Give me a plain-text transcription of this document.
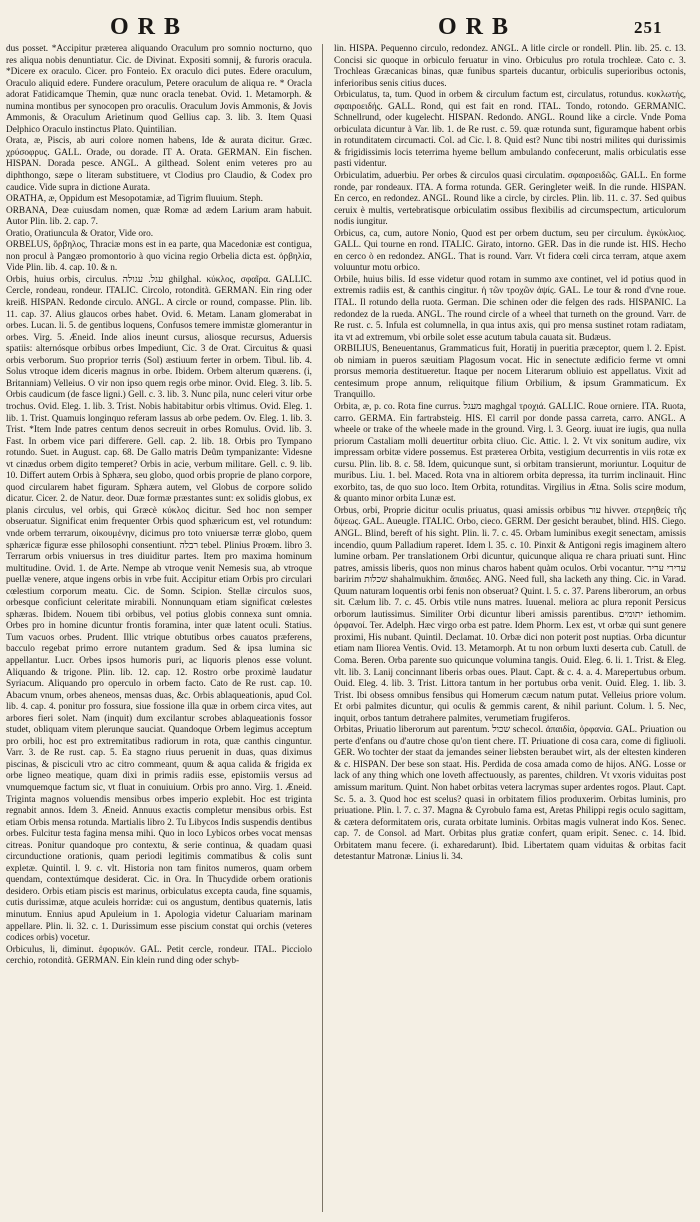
ORB	ORB	251

dus posset. *Accipitur præterea aliquando Oraculum pro somnio nocturno, quo res aliqua nobis denuntiatur. Cic. de Divinat. Expositi somnij, & furoris oracula. *Dicere ex oraculo. Cicer. pro Fonteio. Ex oraculo dici putes. Edere oraculum, Oraculo aliquid edere. Fundere oraculum, Petere oraculum de aliqua re. * Oracla adorat Fatidicamque Themin, quæ nunc oracla tenebat. Ovid. 1. Metamorph. & numina montibus per synocopen pro oraculis. Oraculum Jovis Ammonis, & Jovis Ammonis, & Oraculum Arietinum quod Gellius cap. 3. lib. 3. Item Quasi Delphico Oraculo instinctus Plato. Quintilian.

Orata, æ, Piscis, ab auri colore nomen habens, Ide & aurata dicitur. Græc. χρύσοφρυς. GALL. Orade, ou dorade. IT A. Orata. GERMAN. Ein fischen. HISPAN. Dorada pesce. ANGL. A gilthead. Solent enim veteres pro au diphthongo, sæpe o literam substituere, vt Clodius pro Claudio, & Codex pro caudice. Vide supra in dictione Aurata.

ORATHA, æ, Oppidum est Mesopotamiæ, ad Tigrim fluuium. Steph.

ORBANA, Deæ cuiusdam nomen, quæ Romæ ad ædem Larium aram habuit. Autor Plin. lib. 2. cap. 7.

Oratio, Oratiuncula & Orator, Vide oro.

ORBELUS, ὄρβηλος, Thraciæ mons est in ea parte, qua Macedoniæ est contigua, non procul à Pangæo promontorio à quo vicina regio Orbelia dicta est. ὀρβηλία, Vide Plin. lib. 4. cap. 10. & n.

Orbis, huius orbis, circulus. עגל. עגולה ghilghal. κύκλος, σφαῖρα. GALLIC. Cercle, rondeau, rondeur. ITALIC. Circolo, rotondità. GERMAN. Ein ring oder kreiß. HISPAN. Redonde circulo. ANGL. A circle or round, compasse. Plin. lib. 11. cap. 37. Alius glaucos orbes habet. Ovid. 6. Metam. Lanam glomerabat in orbes. Lucan. li. 5. de gentibus loquens, Confusos temere immistæ glomerantur in orbes. Virg. 5. Æneid. Inde alios ineunt cursus, aliosque recursus, Aduersis spatiis: alternósque orbibus orbes Impediunt, Cic. 3 de Orat. Circuitus & quasi orbis verborum. Suo proprior terris (Sol) æstiuum ferter in orbem. Tibul. lib. 4. Solus vtroque idem diceris magnus in orbe. Ibidem. Orbem alterum quærens. (i, Britanniam) Velleius. O vir non ipso quem regis orbe minor. Ovid. Eleg. 3. lib. 5. Orbis caudicum (de fasce ligni.) Gell. c. 3. lib. 3. Nunc pila, nunc celeri vitur orbe trochus. Ovid. Eleg. 1. lib. 3. Trist. Nobis habitabitur orbis vltimus. Ovid. Eleg. 1. lib. 1. Trist. Quamuis longinquo referam lassus ab orbe pedem. Ov. Eleg. 1. lib. 3. Trist. *Item Inde patres centum denos secreuit in orbes Romulus. Ovid. lib. 3. Fast. In orbem vice pari differere. Gell. cap. 2. lib. 18. Orbis pro Tympano rotundo. Suet. in August. cap. 68. De Gallo matris Deûm tympanizante: Videsne vt cinædus orbem digito temperet? Orbis in acie, verbum militare. Gell. c. 9. lib. 10. Differt autem Orbis à Sphæra, seu globo, quod orbis proprie de plano corpore, quod circularem habet figuram. Sphæra autem, vel Globus de corpore solido dicatur. Cicer. 2. de Natur. deor. Duæ formæ præstantes sunt: ex solidis globus, ex planis circulus, vel orbis, qui Græcè κύκλος dicitur. Sed hoc non semper obseruatur. Significat enim frequenter Orbis quod sphæricum est, vel rotundum: vnde orbem terrarum, οἰκουμένην, dicimus pro toto vniuersæ terræ globo, quem sphæricæ figuræ esse philosophi consentiunt. רבלה tebel. Plinius Proœm. libro 3. Terrarum orbis vniuersus in tres diuiditur partes. Item pro maxima hominum multitudine. Ovid. 1. de Arte. Nempe ab vtroque venit Nemesis sua, ab vtroque puellæ venere, atque ingens orbis in vrbe fuit. Accipitur etiam Orbis pro circulari cœlestium corporum meatu. Cic. de Somn. Scipion. Stellæ circulos suos, orbesque conficiunt celeritate mirabili. Nonnunquam etiam significat cœlestes sphæras. Ibidem. Nouem tibi orbibus, vel potius globis connexa sunt omnia. Orbes pro in homine dicuntur frontis foramina, inter quæ latent oculi. Statius. Tum vacuos orbes. Prudent. Illic vtrique obtutibus orbes cauatos præferens, bacculo regebat primo errore nutantem gradum. Sed & ipsa lumina sic appellantur. Lucr. Orbes ipsos humoris puri, ac liquoris plenos esse volunt. Aliquando & trigone. Plin. lib. 12. cap. 12. Rostro orbe proximè laudatur Syriacum. Aliquando pro operculo in orbem facto. Cato de Re rust. cap. 10. Abacum vnum, orbes aheneos, mensas duas, &c. Orbis ablaqueationis, apud Col. lib. 4. cap. 4. ponitur pro fossura, siue fossione illa quæ in orbem circa vites, aut arbores fieri solet. Nam (inquit) dum excilantur scrobes ablaqueationis fossor studet, obliquam vitem plerunque sauciat. Quandoque Orbem legimus acceptum pro orbili, hoc est pro extremitatibus radiorum in rota, quæ canthis cinguntur. Varr. 3. de Re rust. cap. 5. Ea stagno riuus peruenit in duas, quas diximus piscinas, & pisciculi vtro ac citro commeant, quum & aqua calida & frigida ex orbe ligneo meatique, quam dixi in primis radiis esse, epistomiis versus ad vnumquemque factum sic, vt fluat in conuiuium. Orbis pro anno. Virg. 1. Æneid. Triginta magnos voluendis mensibus orbes imperio explebit. Hoc est triginta regnabit annos. Idem 3. Æneid. Annuus exactis completur mensibus orbis. Est etiam Orbis mensa rotunda. Martialis libro 2. Tu Libycos Indis suspendis dentibus orbes. Fulcitur testa fagina mensa mihi. Quo in loco Lybicos orbes vocat mensas citreas. Ponitur quandoque pro contextu, & serie continua, & quadam quasi circunductione orationis, quam periodi legitimis commatibus & colis sunt expletæ. Quintil. l. 9. c. vlt. Historia non tam finitos numeros, quam orbem quendam, contextúmque desiderat. Cic. in Ora. In Thucydide orbem orationis desidero. Orbis etiam piscis est marinus, orbiculatus excepta cauda, fine squamis, cutis durissimæ, atque aculeis horridæ: cui os angustum, dentibus quaternis, latis minutum. Ennius apud Apuleium in 1. Apologia videtur Caluariam marinam appellare. Plin. li. 32. c. 1. Durissimum esse piscium constat qui orchis (veteres codices orbis) vocetur.

Orbiculus, li, diminut. ἐφορικόν. GAL. Petit cercle, rondeur. ITAL. Picciolo cerchio, rotondità. GERMAN. Ein klein rund ding oder schyb-

lin. HISPA. Pequenno circulo, redondez. ANGL. A litle circle or rondell. Plin. lib. 25. c. 13. Concisi sic quoque in orbiculo feruatur in vino. Orbiculus pro rotula trochleæ. Cato c. 3. Trochleas Græcanicas binas, quæ funibus sparteis ducantur, orbiculis superioribus octonis, inferioribus senis citius duces.

Orbiculatus, ta, tum. Quod in orbem & circulum factum est, circulatus, rotundus. κυκλωτής, σφαιροειδής. GALL. Rond, qui est fait en rond. ITAL. Tondo, rotondo. GERMANIC. Schnellrund, oder kugelecht. HISPAN. Redondo. ANGL. Round like a circle. Vnde Poma orbiculata dicuntur à Var. lib. 1. de Re rust. c. 59. quæ rotunda sunt, figuramque habent orbis in rotunditatem circumacti. Col. ad Cic. l. 8. Quid est? Nunc tibi nostri milites qui durissimis & frigidissimis locis teterrima hyeme bellum ambulando confecerunt, malis orbiculatis esse pasti videntur.

Orbiculatim, aduerbiu. Per orbes & circulos quasi circulatim. σφαιροειδῶς. GALL. En forme ronde, par rondeaux. ITA. A forma rotunda. GER. Geringleter weiß. In die runde. HISPAN. En cerco, en redondez. ANGL. Round like a circle, by circles. Plin. lib. 11. c. 37. Sed quibus ceruix è multis, vertebratisque orbiculatim ossibus flexibilis ad circumspectum, articulorum nodis iungitur.

Orbicus, ca, cum, autore Nonio, Quod est per orbem ductum, seu per circulum. ἐγκύκλιος. GALL. Qui tourne en rond. ITALIC. Girato, intorno. GER. Das in die runde ist. HIS. Hecho en cerco ò en redondez. ANGL. That is round. Varr. Vt fidera cœli circa terram, atque axem voluuntur motu orbico.

Orbile, huius bilis. Id esse videtur quod rotam in summo axe continet, vel id potius quod in extremis radiis est, & canthis cingitur. ἡ τῶν τροχῶν ἀψίς. GAL. Le tour & rond d'vne roue. ITAL. Il rotundo della ruota. German. Die schinen oder die felgen des rads. HISPANIC. La redondez de la rueda. ANGL. The round circle of a wheel that turneth on the ground. Varr. de Re rust. c. 5. Infula est columnella, in qua intus axis, qui pro mensa sustinet rotam radiatam, ita vt ad extremum, vbi orbile solet esse acutum tabula cauata sit. Budæus.

ORBILIUS, Beneuentanus, Grammaticus fuit, Horatij in pueritia præceptor, quem l. 2. Epist. ob nimiam in pueros sæuitiam Plagosum vocat. Hic in senectute ædificio ferme vt omni prorsus memoria destitueretur. Itaque per nocem Literarum obliuio est appellatus. Vixit ad centesimum prope annum, reliquitque filium Orbilium, & ipsum Grammaticum. Ex Tranquillo.

Orbita, æ, p. co. Rota fine currus. מעגל maghgal τροχιά. GALLIC. Roue orniere. ITA. Ruota, carro. GERMA. Ein fartrabsteig. HIS. El carril por donde passa carreta, carro. ANGL. A wheele or trake of the wheele made in the ground. Virg. l. 3. Georg. iuuat ire iugis, qua nulla priorum Castaliam molli deuertitur orbita cliuo. Cic. Attic. l. 2. Vt vix sonitum audire, vix impressam orbitæ videre possemus. Est præterea Orbita, vestigium decurrentis in viis rotæ ex cursu. Plin. lib. 8. c. 58. Idem, quicunque sunt, si orbitam transierunt, moriuntur. Loquitur de muribus. Liu. 1. bel. Maced. Rota vna in altiorem orbita depressa, ita turrim inclinauit. Hinc exorbito, tas, de quo suo loco. Item Orbita, rotunditas. Virgilius in Ætna. Solis scire modum, & quanto minor orbita Lunæ est.

Orbus, orbi, Proprie dicitur oculis priuatus, quasi amissis orbibus עור hivver. στερηθείς τῆς ὄψεως. GAL. Aueugle. ITALIC. Orbo, cieco. GERM. Der gesicht beraubet, blind. HIS. Ciego. ANGL. Blind, bereft of his sight. Plin. li. 7. c. 45. Orbam luminibus exegit senectam, amissis incendio, quum Palladium raperet. Idem l. 35. c. 10. Pinxit & Antigoni regis imaginem altero lumine orbam. Per translationem Orbi dicuntur, quicunque aliqua re chara priuati sunt. Hinc patres, amissis liberis, quos non minus charos habent quàm oculos. Orbi vocantur. ערירי עריר baririm שכלות shahalmukhim. ἄπαιδες. ANG. Need full, sha lacketh any thing. Cic. in Varad. Quum naturam loquentis orbi fenis non obseruat? Quint. l. 5. c. 37. Parens liberorum, an orbus sit. Cælum lib. 7. c. 45. Orbis vtile nuns matres. Iuuenal. meliora ac plura reponit Persicus orborum lautissimus. Similiter Orbi dicuntur liberi amissis parentibus. יתומים iethomim. ὀρφανοί. Ter. Adelph. Hæc virgo orba est patre. Idem Phorm. Lex est, vt orbæ qui sunt genere proximi, His nubant. Quintil. Declamat. 10. Orbæ dici non poterit post nuptias. Orba dicuntur etiam nam Iliorea Ventis. Ovid. 13. Metamorph. At tu non orbum luxti deserta cub. Catull. de Coma. Beren. Orba parente suo quicunque volumina tangis. Ouid. Eleg. 6. li. 1. Trist. & Eleg. vlt. lib. 3. Lanij concinnant liberis orbas oues. Plaut. Capt. & c. 4. a. 4. Marepertubus orbum. Ouid. Eleg. 4. lib. 3. Trist. Littora tantum in her portubus orba venit. Ouid. Eleg. 1. lib. 3. Trist. Ibi obsess omnibus fensibus qui Homerum cæcum natum putat. Velleius priore volum. Et orbi palmites dicuntur, qui oculis & gemmis carent, & nihil pariunt. Colum. l. 5. Nec, inquit, orbos tantum detrahere palmites, verumetiam frugiferos.

Orbitas, Priuatio liberorum aut parentum. שכול schecol. ἀπαιδία, ὀρφανία. GAL. Priuation ou perte d'enfans ou d'autre chose qu'on tient chere. IT. Priuatione di cosa cara, come di figliuoli. GER. Wo tochter der staat da jemandes seiner liebsten beraubet wirt, als der eltesten kinderen & c. HISPAN. Der bese son staat. His. Perdida de cosa amada como de hijos. ANG. Losse or lack of any thing which one loveth affectuously, as parentes, children. Vt vxoris viduitas post amissum maritum. Quint. Non habet orbitas vetera lacrymas super ardentes rogos. Plaut. Capt. Sc. 5. a. 3. Quod hoc est scelus? quasi in orbitatem filios produxerim. Orbitas luminis, pro priuatione. Plin. l. 7. c. 37. Magna & Cyrobulo fama est, Aretas Philippi regis oculo sagittam, & cætera deformitatem oris, curata orbitate luminis. Orbitas magis vulnerat indo Kos. Senec. cap. 7. de Consol. ad Mart. Orbitas plus gratiæ confert, quam eripit. Senec. c. 14. Ibid. Orbitatem manu fecere. (i. exharedarunt). Ibid. Libertatem quam viduitas & orbitas facit detestantur Matronæ. Linius li. 34.
